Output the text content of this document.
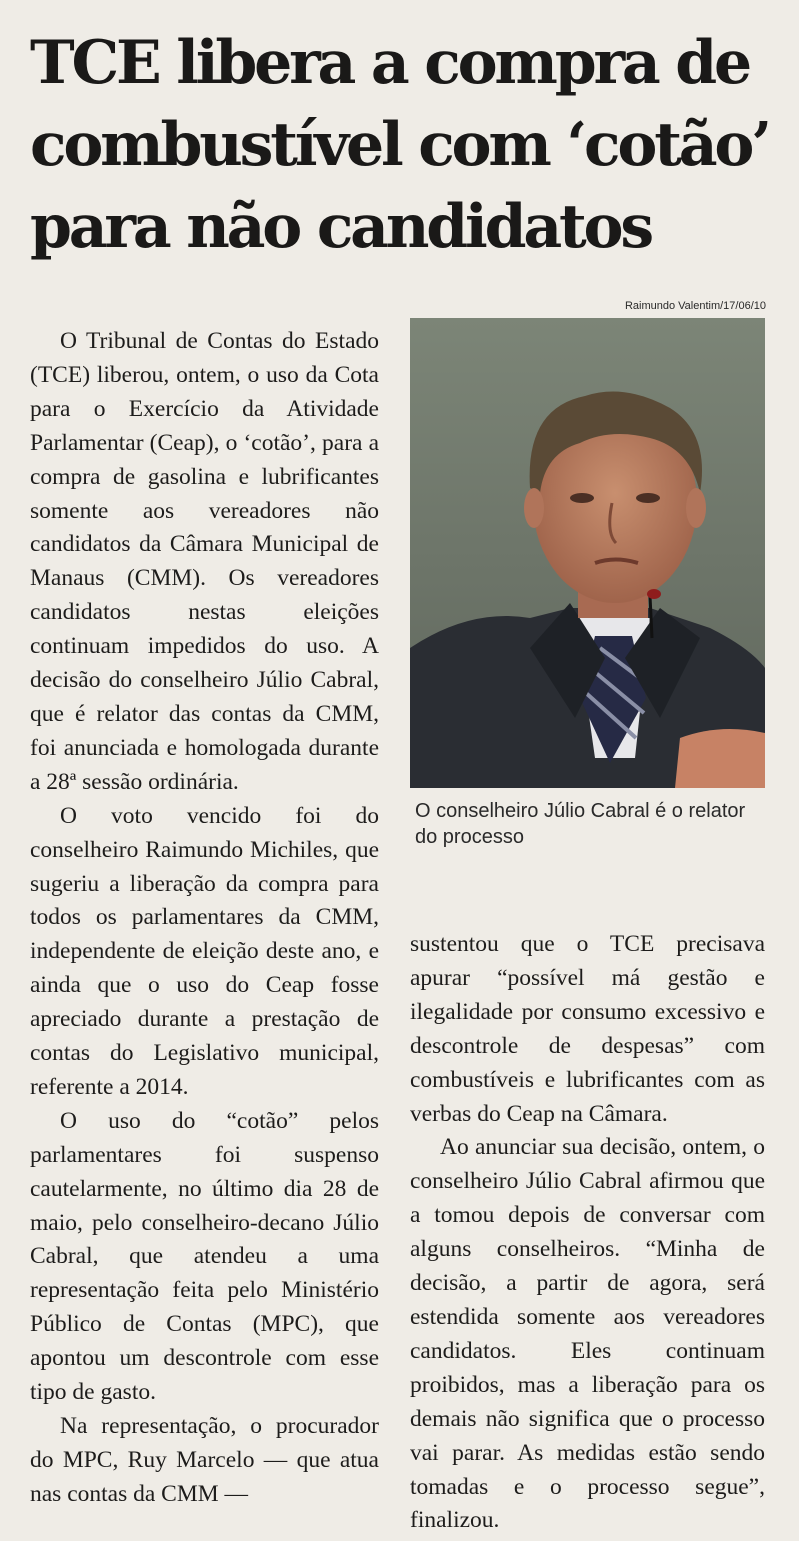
TCE libera a compra de
combustível com ‘cotão’
para não candidatos
Raimundo Valentim/17/06/10

O conselheiro Júlio Cabral é o relator do processo

O Tribunal de Contas do Estado (TCE) liberou, ontem, o uso da Cota para o Exercício da Atividade Parlamentar (Ceap), o ‘cotão’, para a compra de gasolina e lubrificantes somente aos vereadores não candidatos da Câmara Municipal de Manaus (CMM). Os vereadores candidatos nestas eleições continuam impedidos do uso. A decisão do conselheiro Júlio Cabral, que é relator das contas da CMM, foi anunciada e homologada durante a 28ª sessão ordinária.

O voto vencido foi do conselheiro Raimundo Michiles, que sugeriu a liberação da compra para todos os parlamentares da CMM, independente de eleição deste ano, e ainda que o uso do Ceap fosse apreciado durante a prestação de contas do Legislativo municipal, referente a 2014.

O uso do “cotão” pelos parlamentares foi suspenso cautelarmente, no último dia 28 de maio, pelo conselheiro-decano Júlio Cabral, que atendeu a uma representação feita pelo Ministério Público de Contas (MPC), que apontou um descontrole com esse tipo de gasto.

Na representação, o procurador do MPC, Ruy Marcelo — que atua nas contas da CMM —

sustentou que o TCE precisava apurar “possível má gestão e ilegalidade por consumo excessivo e descontrole de despesas” com combustíveis e lubrificantes com as verbas do Ceap na Câmara.

Ao anunciar sua decisão, ontem, o conselheiro Júlio Cabral afirmou que a tomou depois de conversar com alguns conselheiros. “Minha de decisão, a partir de agora, será estendida somente aos vereadores candidatos. Eles continuam proibidos, mas a liberação para os demais não significa que o processo vai parar. As medidas estão sendo tomadas e o processo segue”, finalizou.
